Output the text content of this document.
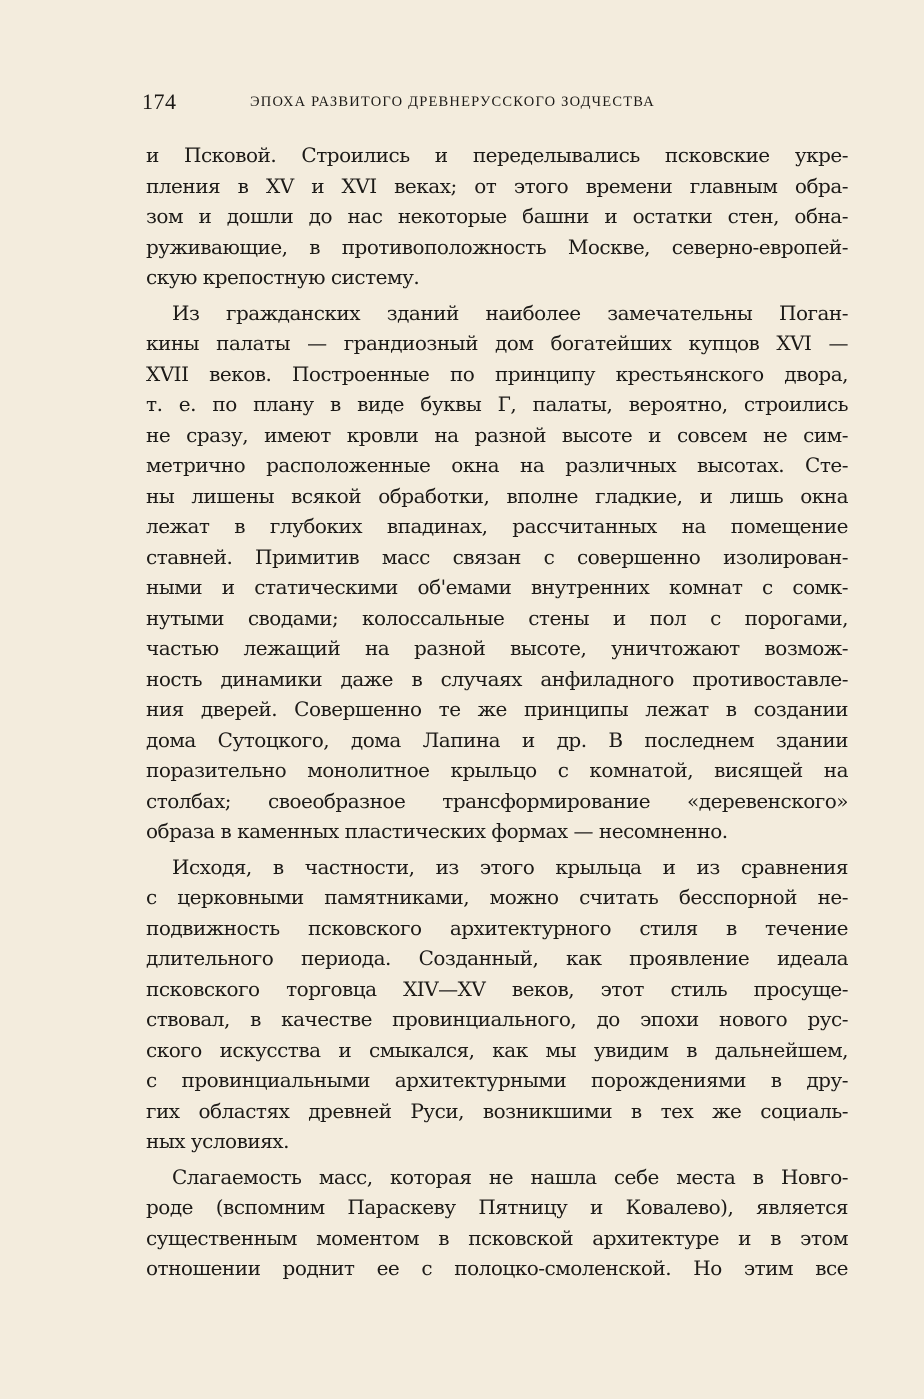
174	ЭПОХА РАЗВИТОГО ДРЕВНЕРУССКОГО ЗОДЧЕСТВА
и Псковой. Строились и переделывались псковские укре-
пления в XV и XVI веках; от этого времени главным обра-
зом и дошли до нас некоторые башни и остатки стен, обна-
руживающие, в противоположность Москве, северно-европей-
скую крепостную систему.
Из гражданских зданий наиболее замечательны Поган-
кины палаты — грандиозный дом богатейших купцов XVI —
XVII веков. Построенные по принципу крестьянского двора,
т. е. по плану в виде буквы Г, палаты, вероятно, строились
не сразу, имеют кровли на разной высоте и совсем не сим-
метрично расположенные окна на различных высотах. Сте-
ны лишены всякой обработки, вполне гладкие, и лишь окна
лежат в глубоких впадинах, рассчитанных на помещение
ставней. Примитив масс связан с совершенно изолирован-
ными и статическими об'емами внутренних комнат с сомк-
нутыми сводами; колоссальные стены и пол с порогами,
частью лежащий на разной высоте, уничтожают возмож-
ность динамики даже в случаях анфиладного противоставле-
ния дверей. Совершенно те же принципы лежат в создании
дома Сутоцкого, дома Лапина и др. В последнем здании
поразительно монолитное крыльцо с комнатой, висящей на
столбах; своеобразное трансформирование «деревенского»
образа в каменных пластических формах — несомненно.
Исходя, в частности, из этого крыльца и из сравнения
с церковными памятниками, можно считать бесспорной не-
подвижность псковского архитектурного стиля в течение
длительного периода. Созданный, как проявление идеала
псковского торговца XIV—XV веков, этот стиль просуще-
ствовал, в качестве провинциального, до эпохи нового рус-
ского искусства и смыкался, как мы увидим в дальнейшем,
с провинциальными архитектурными порождениями в дру-
гих областях древней Руси, возникшими в тех же социаль-
ных условиях.
Слагаемость масс, которая не нашла себе места в Новго-
роде (вспомним Параскеву Пятницу и Ковалево), является
существенным моментом в псковской архитектуре и в этом
отношении роднит ее с полоцко-смоленской. Но этим все
